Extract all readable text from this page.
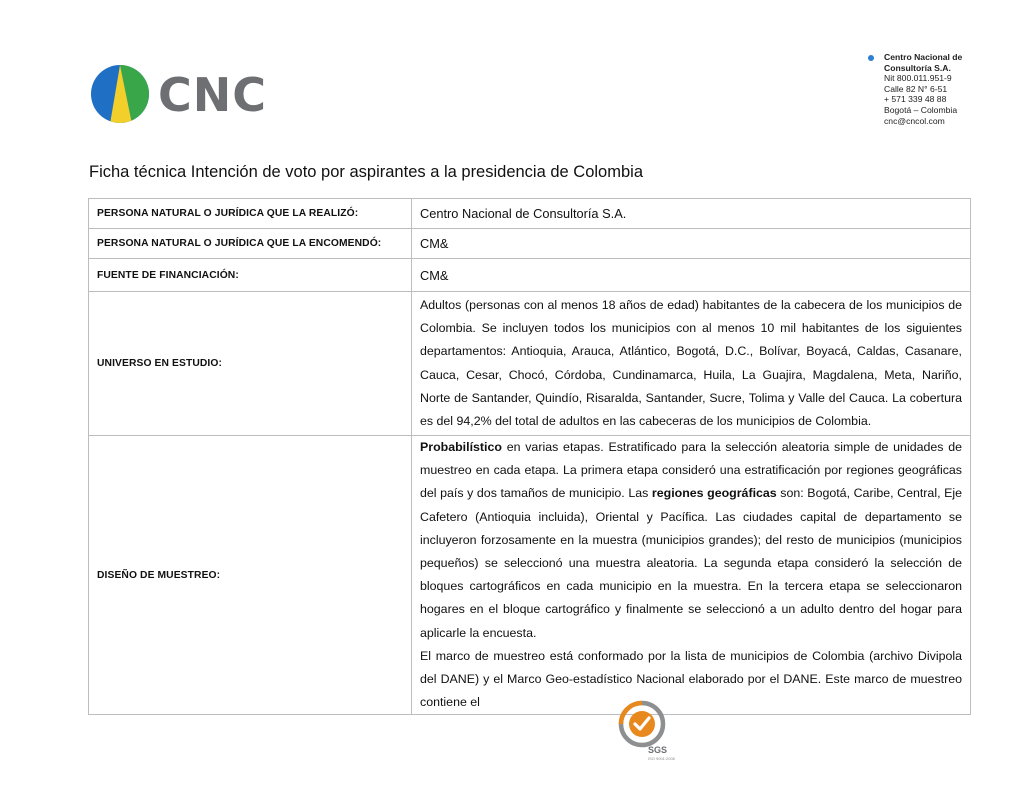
CNC
Centro Nacional de
Consultoría S.A.
Nit 800.011.951-9
Calle 82 N° 6-51
+ 571 339 48 88
Bogotá – Colombia
cnc@cncol.com
Ficha técnica Intención de voto por aspirantes a la presidencia de Colombia
PERSONA NATURAL O JURÍDICA QUE LA REALIZÓ:	Centro Nacional de Consultoría S.A.
PERSONA NATURAL O JURÍDICA QUE LA ENCOMENDÓ:	CM&
FUENTE DE FINANCIACIÓN:	CM&
UNIVERSO EN ESTUDIO:	Adultos (personas con al menos 18 años de edad) habitantes de la cabecera de los municipios de Colombia. Se incluyen todos los municipios con al menos 10 mil habitantes de los siguientes departamentos: Antioquia, Arauca, Atlántico, Bogotá, D.C., Bolívar, Boyacá, Caldas, Casanare, Cauca, Cesar, Chocó, Córdoba, Cundinamarca, Huila, La Guajira, Magdalena, Meta, Nariño, Norte de Santander, Quindío, Risaralda, Santander, Sucre, Tolima y Valle del Cauca. La cobertura es del 94,2% del total de adultos en las cabeceras de los municipios de Colombia.
DISEÑO DE MUESTREO:	Probabilístico en varias etapas. Estratificado para la selección aleatoria simple de unidades de muestreo en cada etapa. La primera etapa consideró una estratificación por regiones geográficas del país y dos tamaños de municipio. Las regiones geográficas son: Bogotá, Caribe, Central, Eje Cafetero (Antioquia incluida), Oriental y Pacífica. Las ciudades capital de departamento se incluyeron forzosamente en la muestra (municipios grandes); del resto de municipios (municipios pequeños) se seleccionó una muestra aleatoria. La segunda etapa consideró la selección de bloques cartográficos en cada municipio en la muestra. En la tercera etapa se seleccionaron hogares en el bloque cartográfico y finalmente se seleccionó a un adulto dentro del hogar para aplicarle la encuesta.

El marco de muestreo está conformado por la lista de municipios de Colombia (archivo Divipola del DANE) y el Marco Geo-estadístico Nacional elaborado por el DANE. Este marco de muestreo contiene el

SGS
ISO 9001:2008
